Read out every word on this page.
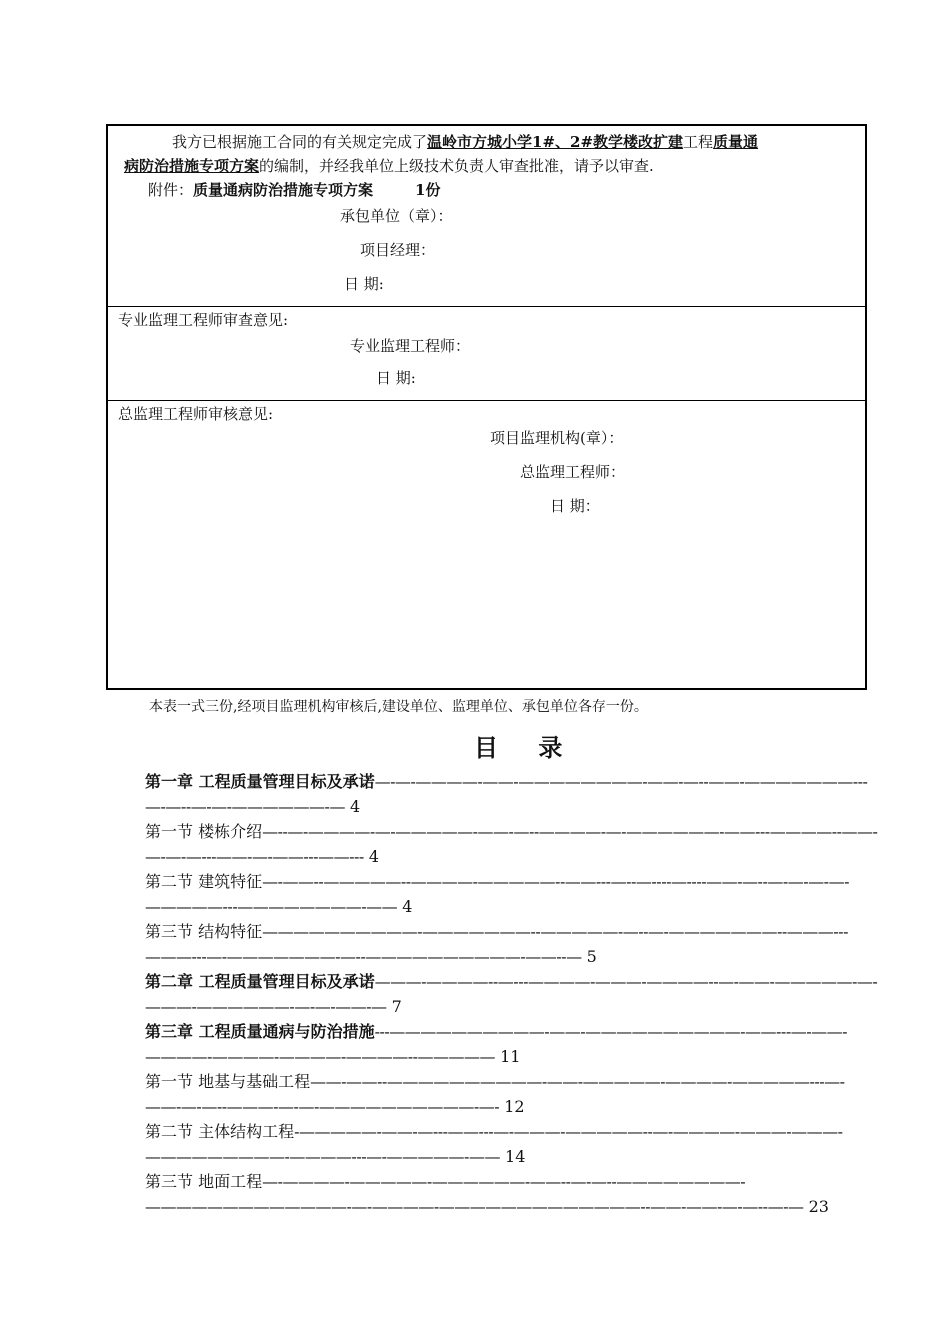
我方已根据施工合同的有关规定完成了温岭市方城小学1#、2#教学楼改扩建工程质量通
病防治措施专项方案的编制，并经我单位上级技术负责人审查批准，请予以审查.
附件：质量通病防治措施专项方案	1份
承包单位（章）：
项目经理：
日 期:
专业监理工程师审查意见:
专业监理工程师：
日 期:
总监理工程师审核意见:
项目监理机构(章）：
总监理工程师：
日 期：
本表一式三份,经项目监理机构审核后,建设单位、监理单位、承包单位各存一份。
目 录

第一章 工程质量管理目标及承诺—-—-————-——-————————-——-—--——-———————---—-—--—-—-——————-— 4

第一节 楼栋介绍—--—-————-—-—————-——-—--————-—-——————-——---————--——-—-—-—---——-—-——---——--- 4

第二节 建筑特征—-——--—————--————-—————--——---—--—----—----——-—--—-—-—-—-—————---————————-—— 4

第三节 结构特征——————————-———————--—————-—--—-———————--———---———---—-———————-—--——————————-——--— 5

第二章 工程质量管理目标及承诺———-————--—---————-———-————--—-——-—————-—-———-——————-—-—-——-— 7

第三章 工程质量通病与防治措施---——————————-——-——————————-——---—-——-————-————-————-————--————— 11

第一节 地基与基础工程——-——--——————————-——-—————-————-—————---—-——-—-—--———-—-—-——————————-—- 12

第二节 主体结构工程-—————-——-—---——---—-———-—————--—-————-———-———-—————————-————---—-—————-—— 14

第三节 地面工程—-————-—————-——————-——--—-—--————————-—————————————-—-————-—————————————--——-——-—-—--—-— 23
